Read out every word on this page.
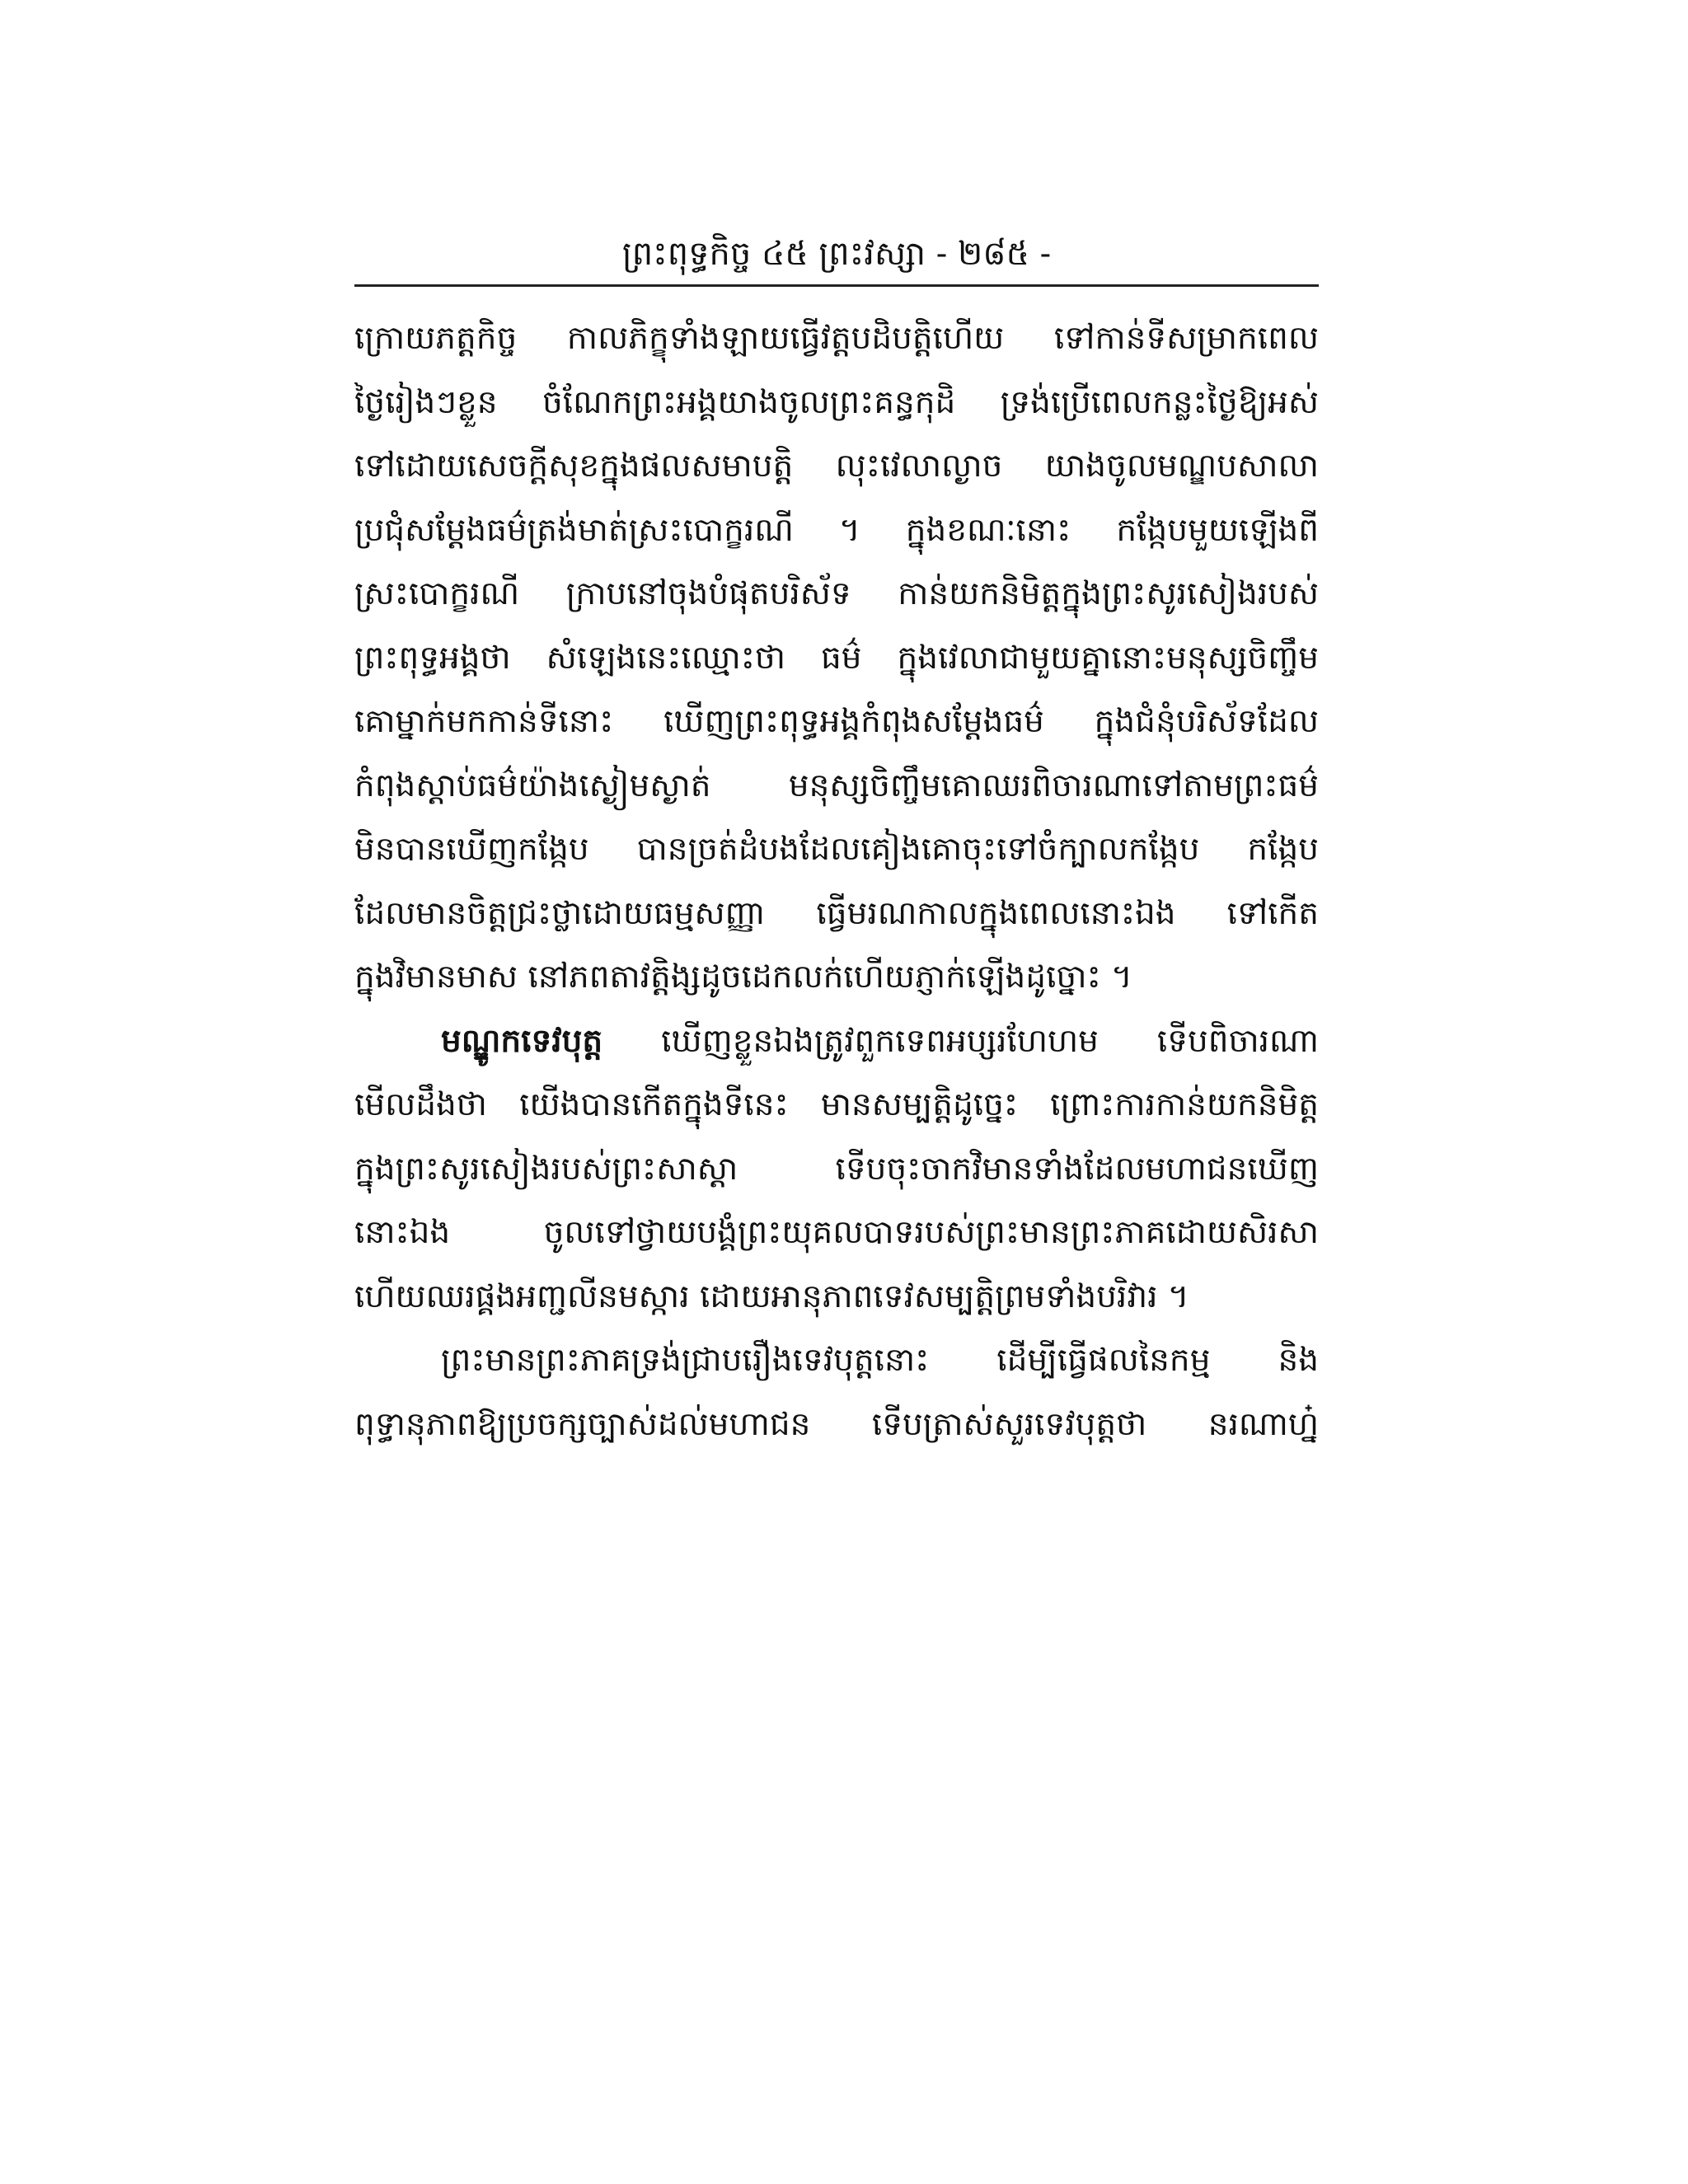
ព្រះពុទ្ធកិច្ច ៤៥ ព្រះវស្សា - ២៨៥ -
ក្រោយភត្តកិច្ច កាលភិក្ខុទាំងឡាយធ្វើវត្តបដិបត្តិហើយ ទៅកាន់ទីសម្រាកពេល
ថ្ងៃរៀងៗខ្លួន ចំណែកព្រះអង្គយាងចូលព្រះគន្ធកុដិ ទ្រង់ប្រើពេលកន្លះថ្ងៃឱ្យអស់
ទៅដោយសេចក្ដីសុខក្នុងផលសមាបត្តិ លុះវេលាល្ងាច យាងចូលមណ្ឌបសាលា
ប្រជុំសម្ដែងធម៌ត្រង់មាត់ស្រះបោក្ខរណី ។ ក្នុងខណៈនោះ កង្កែបមួយឡើងពី
ស្រះបោក្ខរណី ក្រាបនៅចុងបំផុតបរិស័ទ កាន់យកនិមិត្តក្នុងព្រះសូរសៀងរបស់
ព្រះពុទ្ធអង្គថា សំឡេងនេះឈ្មោះថា ធម៌ ក្នុងវេលាជាមួយគ្នានោះមនុស្សចិញ្ចឹម
គោម្នាក់មកកាន់ទីនោះ ឃើញព្រះពុទ្ធអង្គកំពុងសម្ដែងធម៌ ក្នុងជំនុំបរិស័ទដែល
កំពុងស្ដាប់ធម៌យ៉ាងស្ងៀមស្ងាត់ មនុស្សចិញ្ចឹមគោឈរពិចារណាទៅតាមព្រះធម៌
មិនបានឃើញកង្កែប បានច្រត់ដំបងដែលគៀងគោចុះទៅចំក្បាលកង្កែប កង្កែប
ដែលមានចិត្តជ្រះថ្លាដោយធម្មសញ្ញា ធ្វើមរណកាលក្នុងពេលនោះឯង ទៅកើត
ក្នុងវិមានមាស នៅភពតាវត្តិង្សដូចដេកលក់ហើយភ្ញាក់ឡើងដូច្នោះ ។
មណ្ឌូកទេវបុត្ត ឃើញខ្លួនឯងត្រូវពួកទេពអប្សរហែហម ទើបពិចារណា
មើលដឹងថា យើងបានកើតក្នុងទីនេះ មានសម្បត្តិដូច្នេះ ព្រោះការកាន់យកនិមិត្ត
ក្នុងព្រះសូរសៀងរបស់ព្រះសាស្ដា ទើបចុះចាកវិមានទាំងដែលមហាជនឃើញ
នោះឯង ចូលទៅថ្វាយបង្គំព្រះយុគលបាទរបស់ព្រះមានព្រះភាគដោយសិរសា
ហើយឈរផ្គងអញ្ជលីនមស្ការ ដោយអានុភាពទេវសម្បត្តិព្រមទាំងបរិវារ ។
ព្រះមានព្រះភាគទ្រង់ជ្រាបរឿងទេវបុត្តនោះ ដើម្បីធ្វើផលនៃកម្ម និង
ពុទ្ធានុភាពឱ្យប្រចក្សច្បាស់ដល់មហាជន ទើបត្រាស់សួរទេវបុត្តថា នរណាហ្ន៎
